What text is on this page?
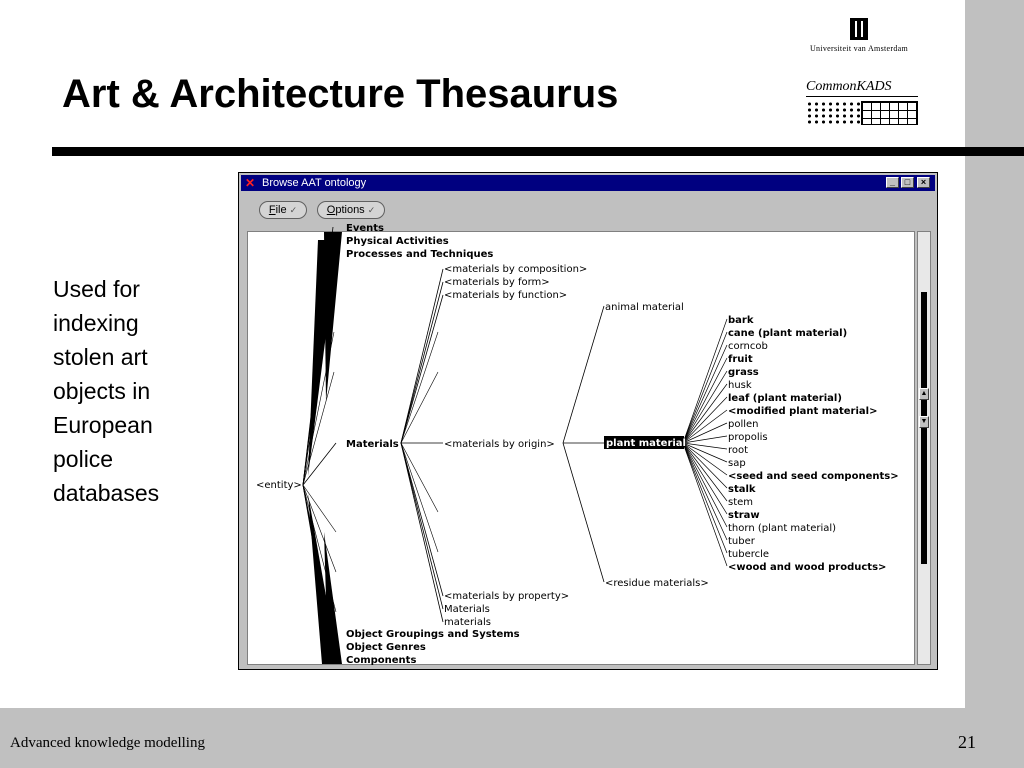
Art & Architecture Thesaurus
Universiteit van Amsterdam
CommonKADS

Used for indexing stolen art objects in European police databases

✕ Browse AAT ontology	_	□	×
File ✓	Options ✓
<entity>
Events
Physical Activities
Processes and Techniques
Materials
Object Groupings and Systems
Object Genres
Components
<materials by composition>
<materials by form>
<materials by function>
<materials by origin>
<materials by property>
Materials
materials
animal material
plant material
<residue materials>
bark
cane (plant material)
corncob
fruit
grass
husk
leaf (plant material)
<modified plant material>
pollen
propolis
root
sap
<seed and seed components>
stalk
stem
straw
thorn (plant material)
tuber
tubercle
<wood and wood products>
▲
▼
Advanced knowledge modelling	21
